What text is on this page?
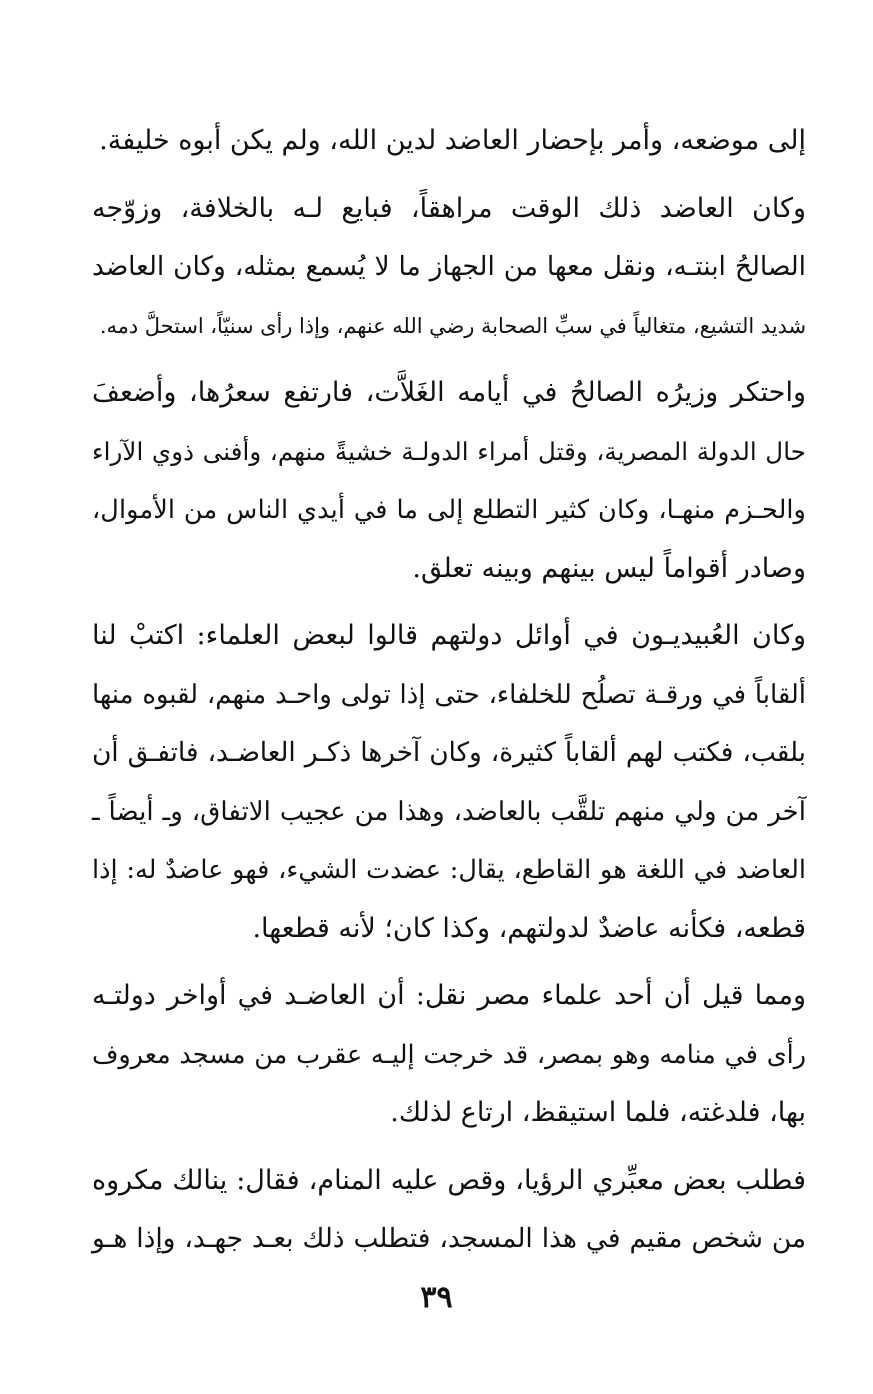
إلى موضعه، وأمر بإحضار العاضد لدين الله، ولم يكن أبوه خليفة.
وكان العاضد ذلك الوقت مراهقاً، فبايع لـه بالخلافة، وزوّجه
الصالحُ ابنتـه، ونقل معها من الجهاز ما لا يُسمع بمثله، وكان العاضد
شديد التشيع، متغالياً في سبِّ الصحابة رضي الله عنهم، وإذا رأى سنيّاً، استحلَّ دمه.
واحتكر وزيرُه الصالحُ في أيامه الغَلاَّت، فارتفع سعرُها، وأضعفَ
حال الدولة المصرية، وقتل أمراء الدولـة خشيةً منهم، وأفنى ذوي الآراء
والحـزم منهـا، وكان كثير التطلع إلى ما في أيدي الناس من الأموال،
وصادر أقواماً ليس بينهم وبينه تعلق.
وكان العُبيديـون في أوائل دولتهم قالوا لبعض العلماء: اكتبْ لنا
ألقاباً في ورقـة تصلُح للخلفاء، حتى إذا تولى واحـد منهم، لقبوه منها
بلقب، فكتب لهم ألقاباً كثيرة، وكان آخرها ذكـر العاضـد، فاتفـق أن
آخر من ولي منهم تلقَّب بالعاضد، وهذا من عجيب الاتفاق، وـ أيضاً ـ
العاضد في اللغة هو القاطع، يقال: عضدت الشيء، فهو عاضدٌ له: إذا
قطعه، فكأنه عاضدٌ لدولتهم، وكذا كان؛ لأنه قطعها.
ومما قيل أن أحد علماء مصر نقل: أن العاضـد في أواخر دولتـه
رأى في منامه وهو بمصر، قد خرجت إليـه عقرب من مسجد معروف
بها، فلدغته، فلما استيقظ، ارتاع لذلك.
فطلب بعض معبِّري الرؤيا، وقص عليه المنام، فقال: ينالك مكروه
من شخص مقيم في هذا المسجد، فتطلب ذلك بعـد جهـد، وإذا هـو
٣٩
